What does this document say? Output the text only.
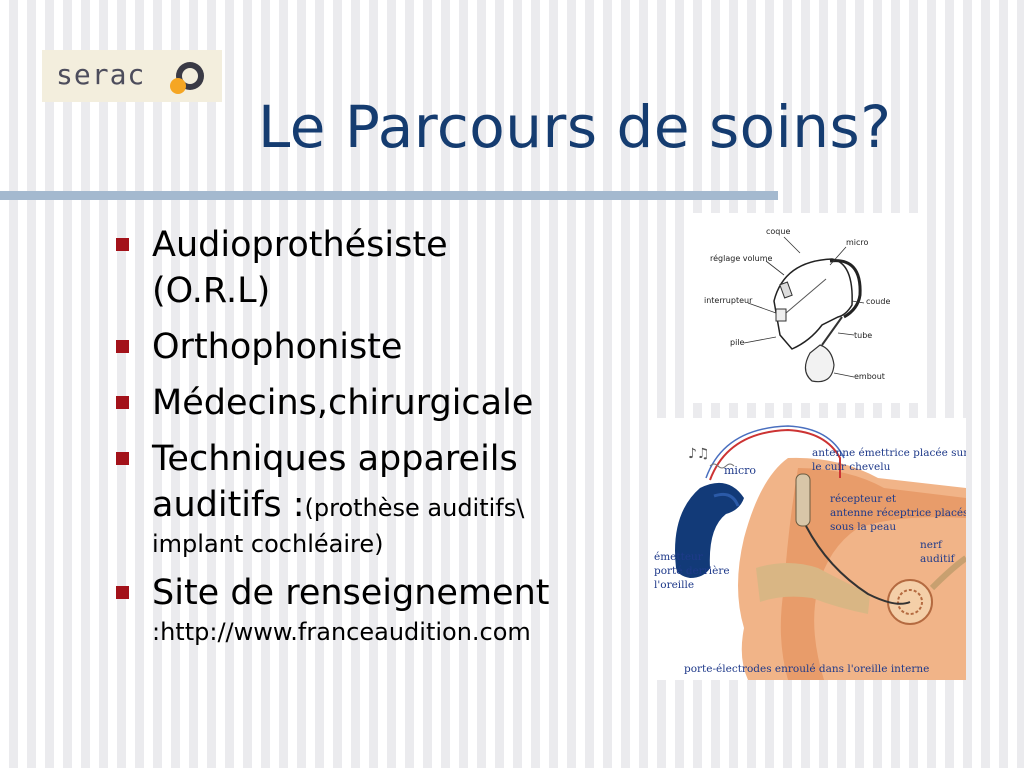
serac
Le Parcours de soins?
Audioprothésiste
(O.R.L)
Orthophoniste
Médecins,chirurgicale
Techniques appareils
auditifs :(prothèse auditifs\
implant cochléaire)
Site de renseignement
:http://www.franceaudition.com
coque
micro
réglage volume
interrupteur	coude
pile
tube
embout
♪♫	antenne émettrice placée sur
le cuir chevelu
micro
récepteur et
antenne réceptrice placés
sous la peau
nerf
auditif
émetteur
porté derrière
l'oreille
porte-électrodes enroulé dans l'oreille interne
